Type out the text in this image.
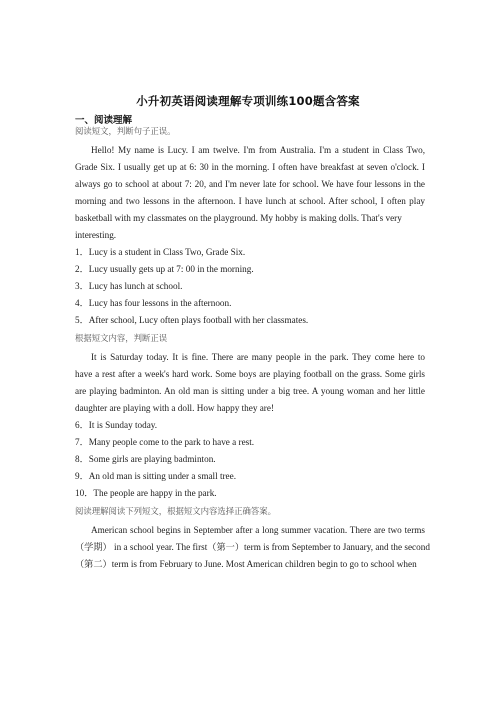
小升初英语阅读理解专项训练100题含答案
一、阅读理解
阅读短文，判断句子正误。
Hello! My name is Lucy. I am twelve. I'm from Australia. I'm a student in Class Two,
Grade Six. I usually get up at 6: 30 in the morning. I often have breakfast at seven o'clock. I
always go to school at about 7: 20, and I'm never late for school. We have four lessons in the
morning and two lessons in the afternoon. I have lunch at school. After school, I often play
basketball with my classmates on the playground. My hobby is making dolls. That's very
interesting.
1．Lucy is a student in Class Two, Grade Six.
2．Lucy usually gets up at 7: 00 in the morning.
3．Lucy has lunch at school.
4．Lucy has four lessons in the afternoon.
5．After school, Lucy often plays football with her classmates.
根据短文内容，判断正误
It is Saturday today. It is fine. There are many people in the park. They come here to
have a rest after a week's hard work. Some boys are playing football on the grass. Some girls
are playing badminton. An old man is sitting under a big tree. A young woman and her little
daughter are playing with a doll. How happy they are!
6．It is Sunday today.
7．Many people come to the park to have a rest.
8．Some girls are playing badminton.
9．An old man is sitting under a small tree.
10．The people are happy in the park.
阅读理解阅读下列短文，根据短文内容选择正确答案。
American school begins in September after a long summer vacation. There are two terms
（学期） in a school year. The first（第一）term is from September to January, and the second
（第二）term is from February to June. Most American children begin to go to school when
